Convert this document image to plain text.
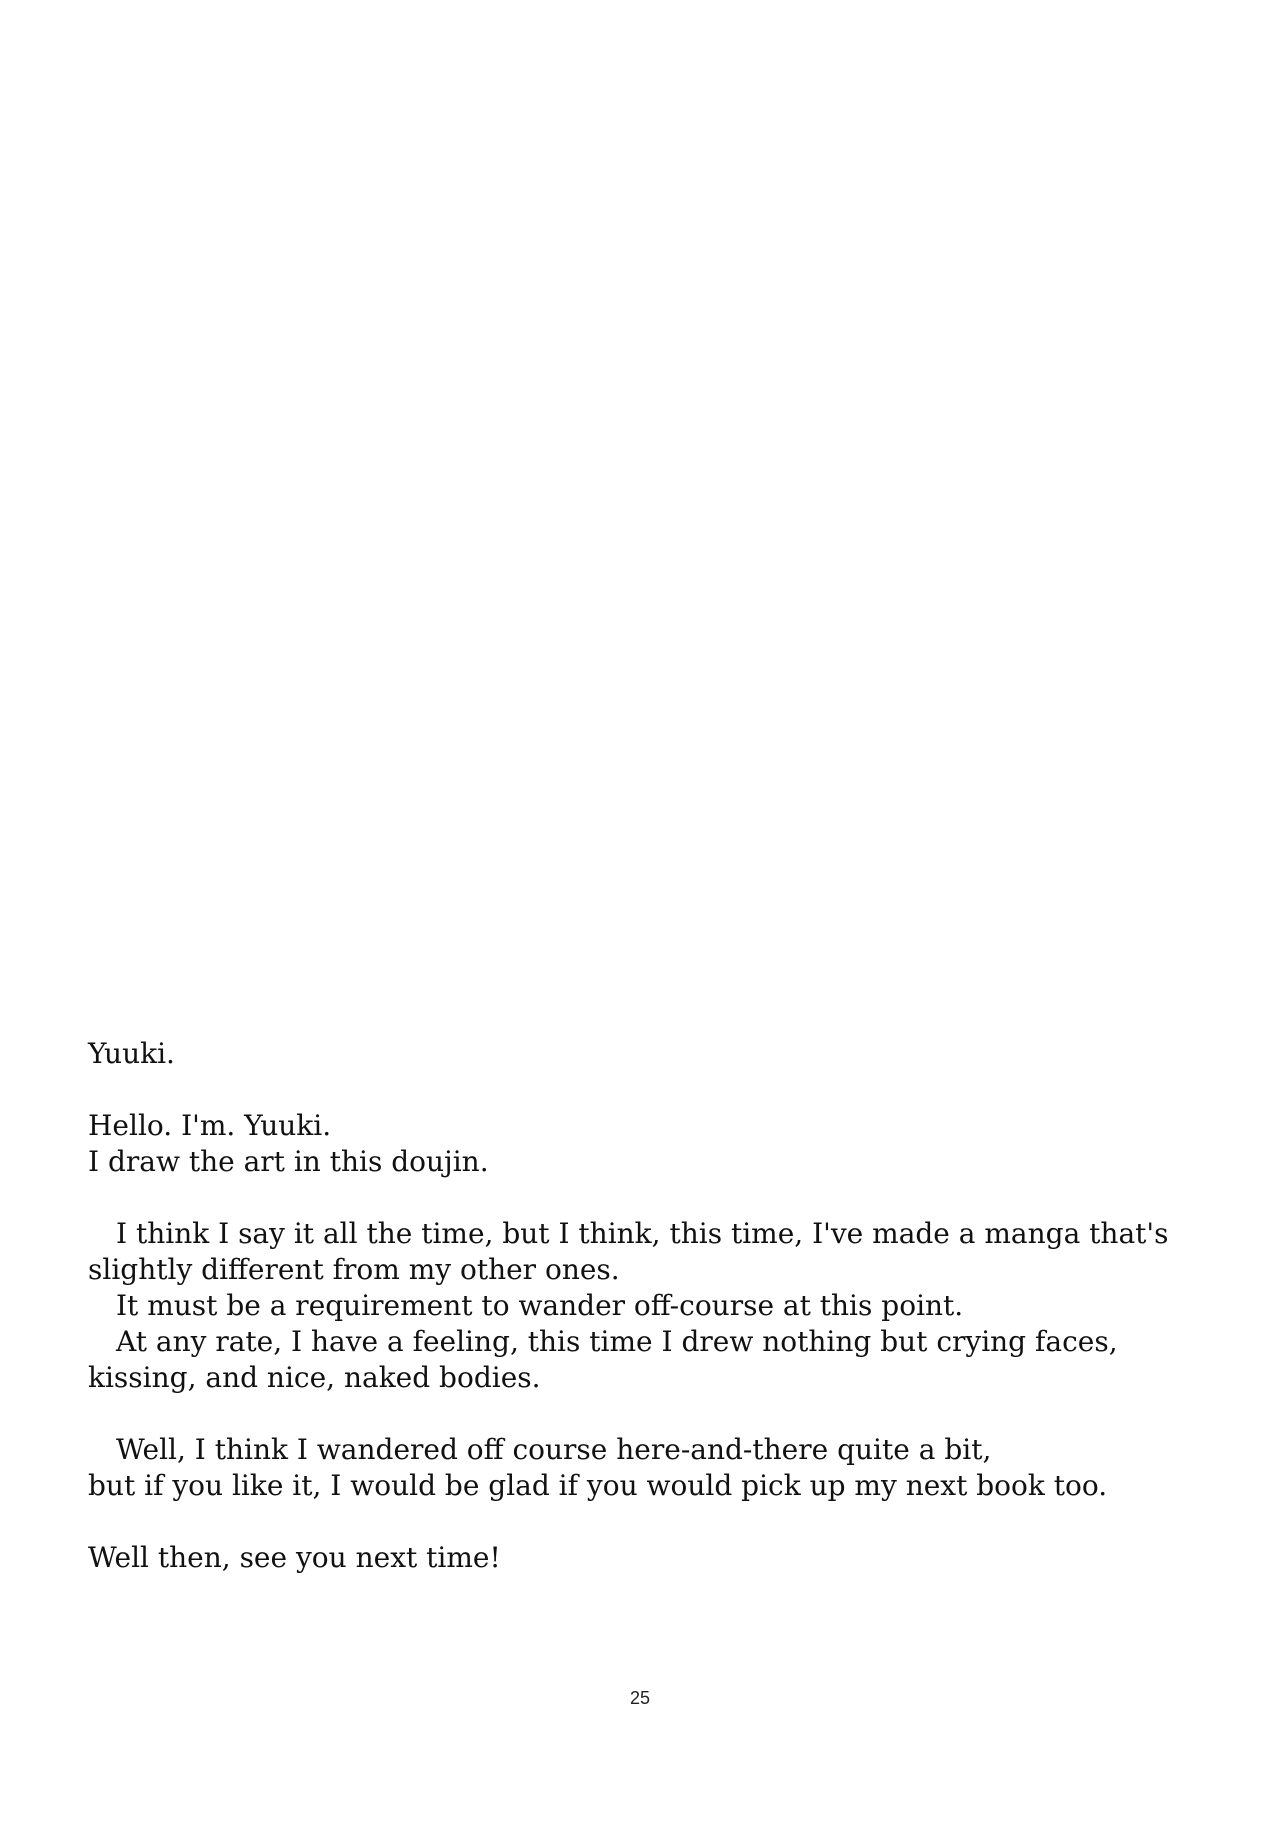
Yuuki.
Hello. I'm. Yuuki.
I draw the art in this doujin.
I think I say it all the time, but I think, this time, I've made a manga that's
slightly different from my other ones.
It must be a requirement to wander off-course at this point.
At any rate, I have a feeling, this time I drew nothing but crying faces,
kissing, and nice, naked bodies.
Well, I think I wandered off course here-and-there quite a bit,
but if you like it, I would be glad if you would pick up my next book too.
Well then, see you next time!
25
